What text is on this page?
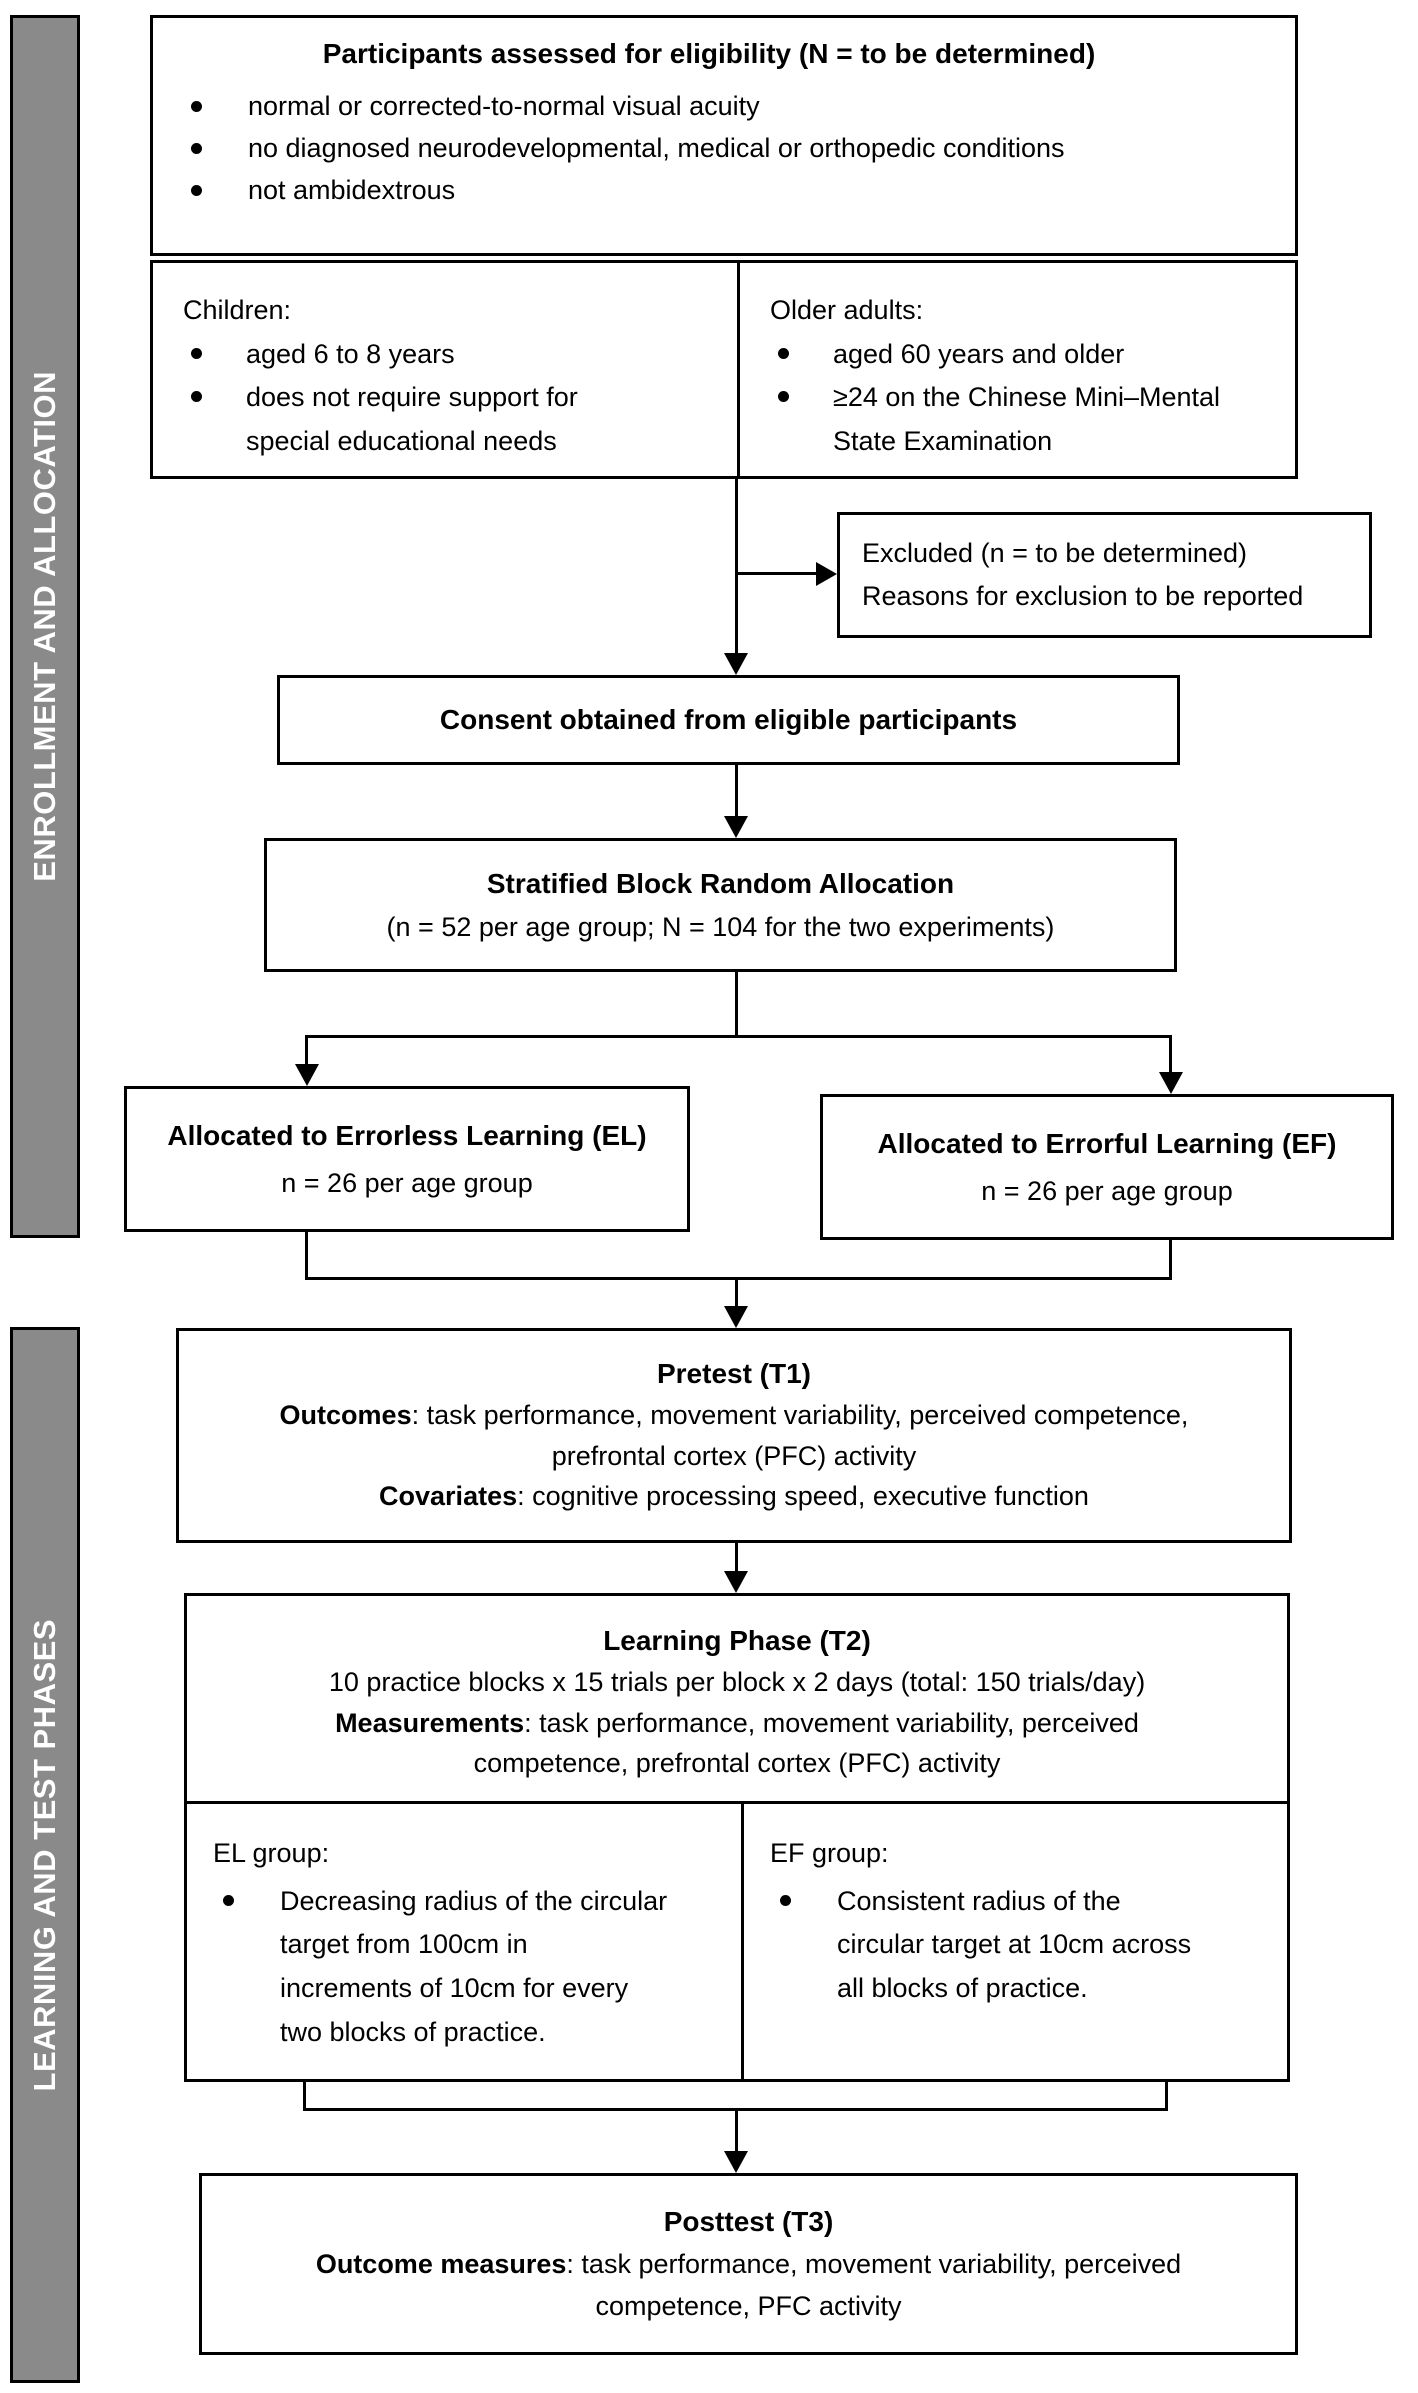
ENROLLMENT AND ALLOCATION
LEARNING AND TEST PHASES
Participants assessed for eligibility (N = to be determined)
normal or corrected-to-normal visual acuity
no diagnosed neurodevelopmental, medical or orthopedic conditions
not ambidextrous
Children:
aged 6 to 8 years
does not require support for
special educational needs
Older adults:
aged 60 years and older
≥24 on the Chinese Mini–Mental
State Examination
Excluded (n = to be determined)
Reasons for exclusion to be reported
Consent obtained from eligible participants
Stratified Block Random Allocation
(n = 52 per age group; N = 104 for the two experiments)
Allocated to Errorless Learning (EL)
n = 26 per age group
Allocated to Errorful Learning (EF)
n = 26 per age group
Pretest (T1)
Outcomes: task performance, movement variability, perceived competence,
prefrontal cortex (PFC) activity
Covariates: cognitive processing speed, executive function
Learning Phase (T2)
10 practice blocks x 15 trials per block x 2 days (total: 150 trials/day)
Measurements: task performance, movement variability, perceived
competence, prefrontal cortex (PFC) activity
EL group:
Decreasing radius of the circular
target from 100cm in
increments of 10cm for every
two blocks of practice.
EF group:
Consistent radius of the
circular target at 10cm across
all blocks of practice.
Posttest (T3)
Outcome measures: task performance, movement variability, perceived
competence, PFC activity
